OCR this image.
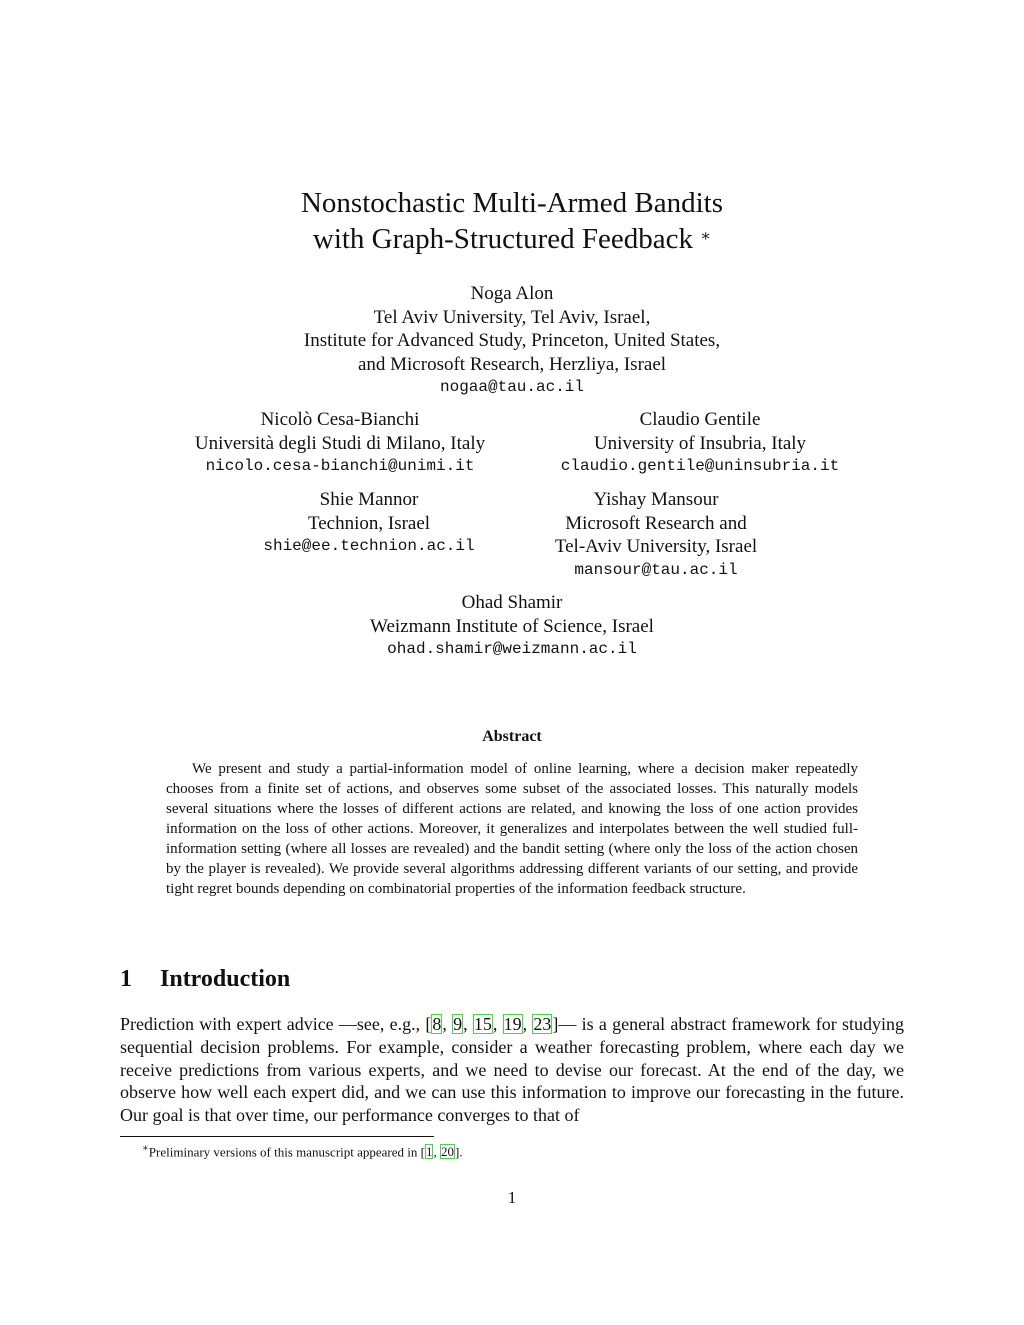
Nonstochastic Multi-Armed Bandits
with Graph-Structured Feedback ∗
Noga Alon
Tel Aviv University, Tel Aviv, Israel,
Institute for Advanced Study, Princeton, United States,
and Microsoft Research, Herzliya, Israel
nogaa@tau.ac.il
Nicolò Cesa-Bianchi
Università degli Studi di Milano, Italy
nicolo.cesa-bianchi@unimi.it
Claudio Gentile
University of Insubria, Italy
claudio.gentile@uninsubria.it
Shie Mannor
Technion, Israel
shie@ee.technion.ac.il
Yishay Mansour
Microsoft Research and
Tel-Aviv University, Israel
mansour@tau.ac.il
Ohad Shamir
Weizmann Institute of Science, Israel
ohad.shamir@weizmann.ac.il
Abstract
We present and study a partial-information model of online learning, where a decision maker repeatedly chooses from a finite set of actions, and observes some subset of the associated losses. This naturally models several situations where the losses of different actions are related, and knowing the loss of one action provides information on the loss of other actions. Moreover, it generalizes and interpolates between the well studied full-information setting (where all losses are revealed) and the bandit setting (where only the loss of the action chosen by the player is revealed). We provide several algorithms addressing different variants of our setting, and provide tight regret bounds depending on combinatorial properties of the information feedback structure.
1 Introduction
Prediction with expert advice —see, e.g., [8, 9, 15, 19, 23]— is a general abstract framework for studying sequential decision problems. For example, consider a weather forecasting problem, where each day we receive predictions from various experts, and we need to devise our forecast. At the end of the day, we observe how well each expert did, and we can use this information to improve our forecasting in the future. Our goal is that over time, our performance converges to that of
∗Preliminary versions of this manuscript appeared in [1, 20].
1
